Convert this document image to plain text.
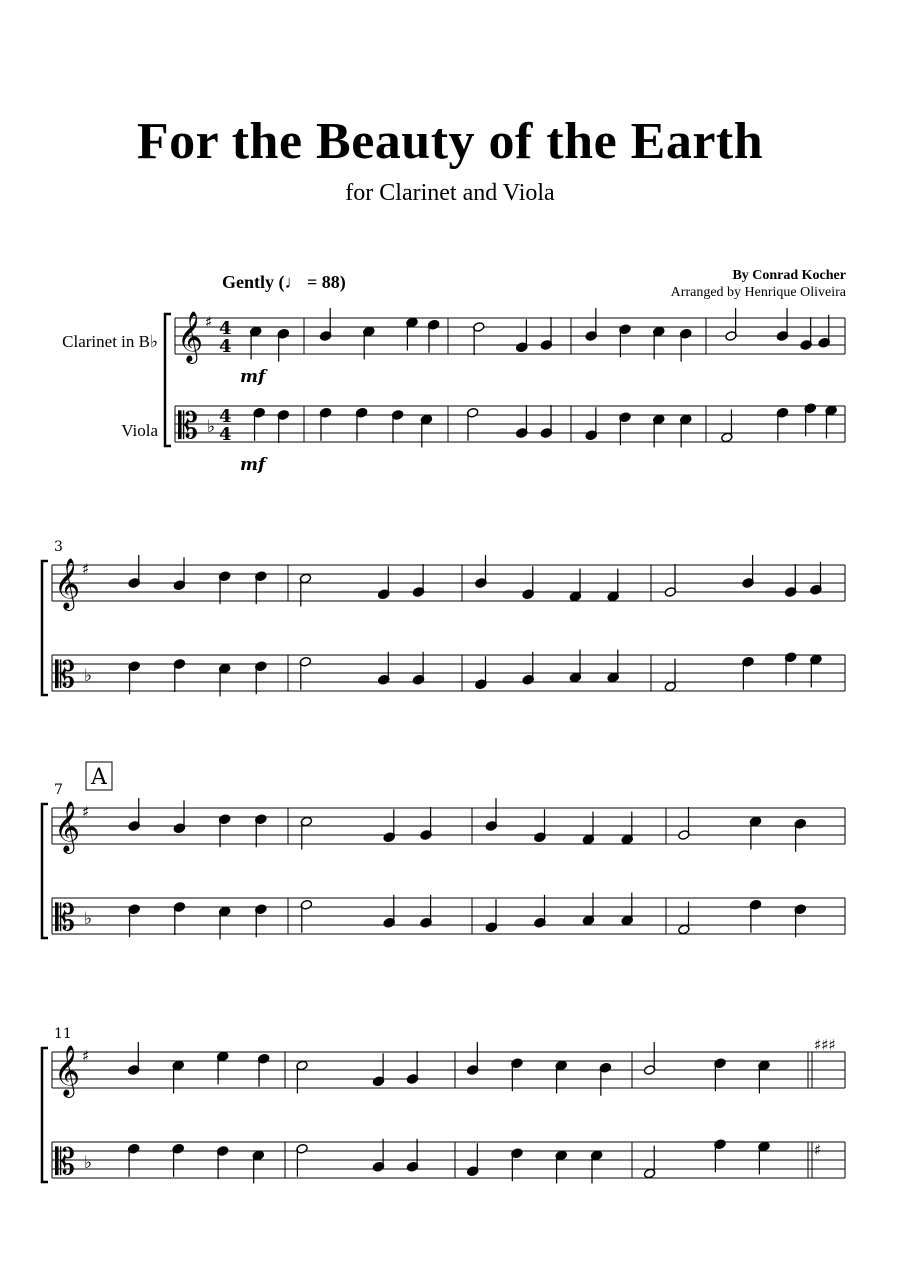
For the Beauty of the Earth
for Clarinet and Viola
By Conrad Kocher
Arranged by Henrique Oliveira
Gently (♩ = 88)
Clarinet in B♭
Viola
𝄞
𝄡
♯
♭
4
4
4
4
mf
mf
𝄞
𝄡
♯
♭
3
𝄞
𝄡
♯
♭
7 A
𝄞
𝄡
♯
♭
♯♯♯
♯
11
